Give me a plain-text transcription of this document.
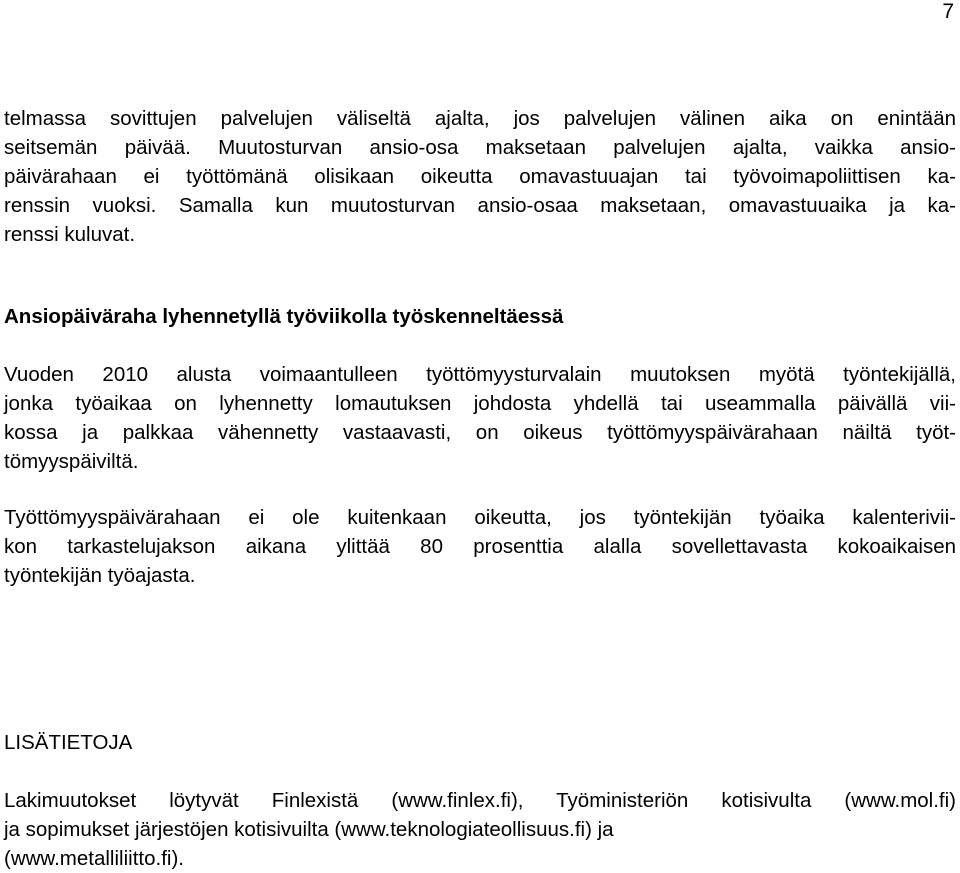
7
telmassa sovittujen palvelujen väliseltä ajalta, jos palvelujen välinen aika on enintään
seitsemän päivää. Muutosturvan ansio-osa maksetaan palvelujen ajalta, vaikka ansio-
päivärahaan ei työttömänä olisikaan oikeutta omavastuuajan tai työvoimapoliittisen ka-
renssin vuoksi. Samalla kun muutosturvan ansio-osaa maksetaan, omavastuuaika ja ka-
renssi kuluvat.
Ansiopäiväraha lyhennetyllä työviikolla työskenneltäessä
Vuoden 2010 alusta voimaantulleen työttömyysturvalain muutoksen myötä työntekijällä,
jonka työaikaa on lyhennetty lomautuksen johdosta yhdellä tai useammalla päivällä vii-
kossa ja palkkaa vähennetty vastaavasti, on oikeus työttömyyspäivärahaan näiltä työt-
tömyyspäiviltä.
Työttömyyspäivärahaan ei ole kuitenkaan oikeutta, jos työntekijän työaika kalenterivii-
kon tarkastelujakson aikana ylittää 80 prosenttia alalla sovellettavasta kokoaikaisen
työntekijän työajasta.
LISÄTIETOJA
Lakimuutokset löytyvät Finlexistä (www.finlex.fi), Työministeriön kotisivulta (www.mol.fi)
ja sopimukset järjestöjen kotisivuilta (www.teknologiateollisuus.fi) ja
(www.metalliliitto.fi).
